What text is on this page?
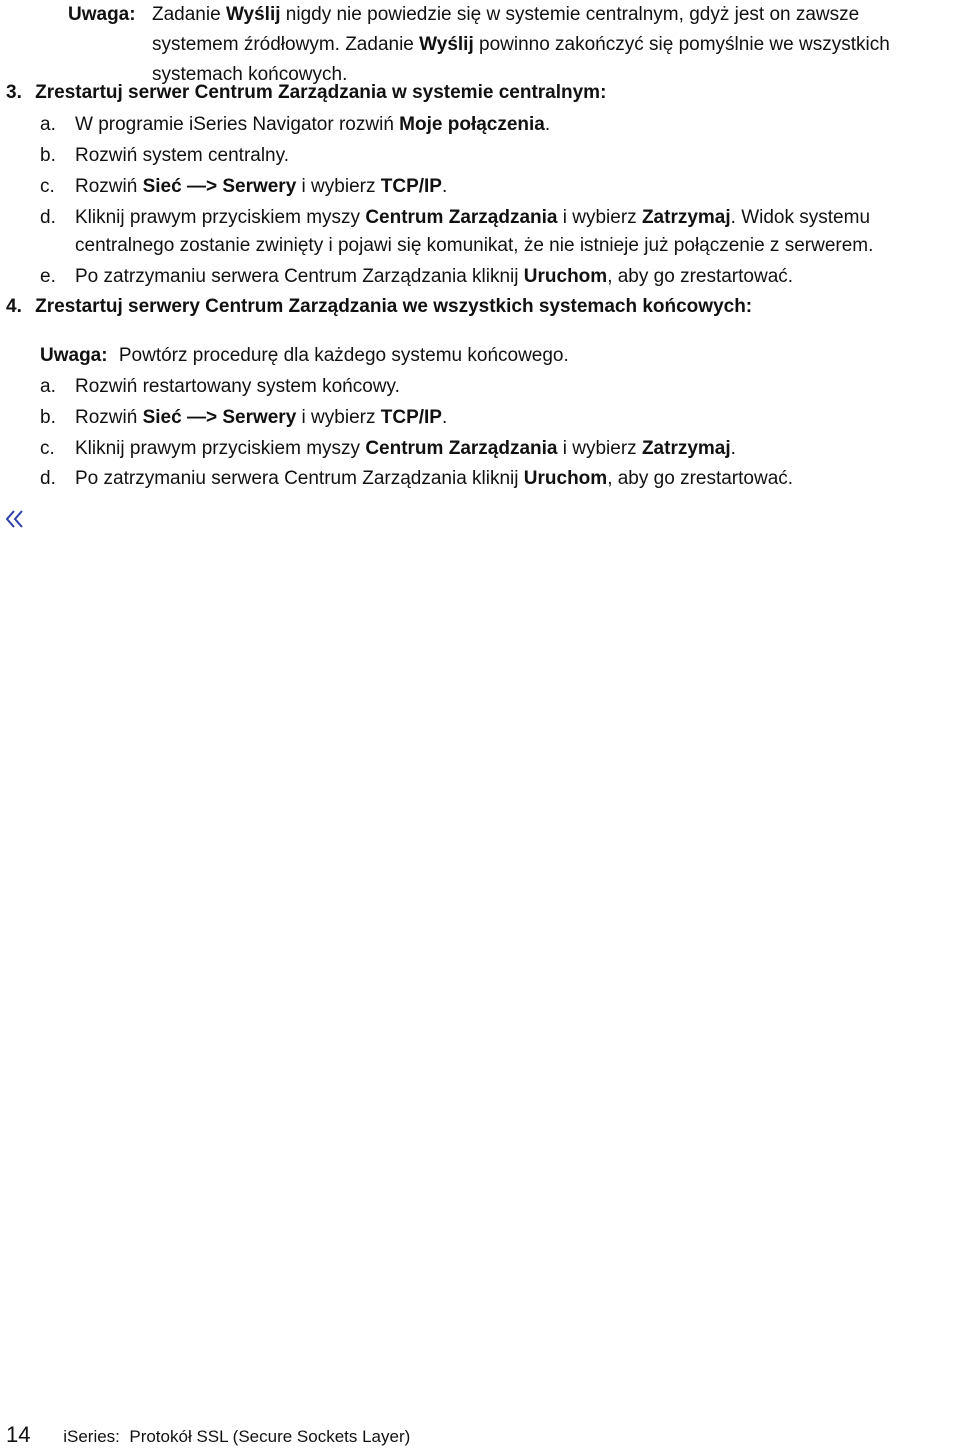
Uwaga: Zadanie Wyślij nigdy nie powiedzie się w systemie centralnym, gdyż jest on zawsze systemem źródłowym. Zadanie Wyślij powinno zakończyć się pomyślnie we wszystkich systemach końcowych.
3. Zrestartuj serwer Centrum Zarządzania w systemie centralnym:
a. W programie iSeries Navigator rozwiń Moje połączenia.
b. Rozwiń system centralny.
c. Rozwiń Sieć —> Serwery i wybierz TCP/IP.
d. Kliknij prawym przyciskiem myszy Centrum Zarządzania i wybierz Zatrzymaj. Widok systemu
centralnego zostanie zwinięty i pojawi się komunikat, że nie istnieje już połączenie z serwerem.
e. Po zatrzymaniu serwera Centrum Zarządzania kliknij Uruchom, aby go zrestartować.
4. Zrestartuj serwery Centrum Zarządzania we wszystkich systemach końcowych:
Uwaga: Powtórz procedurę dla każdego systemu końcowego.
a. Rozwiń restartowany system końcowy.
b. Rozwiń Sieć —> Serwery i wybierz TCP/IP.
c. Kliknij prawym przyciskiem myszy Centrum Zarządzania i wybierz Zatrzymaj.
d. Po zatrzymaniu serwera Centrum Zarządzania kliknij Uruchom, aby go zrestartować.
14 iSeries:  Protokół SSL (Secure Sockets Layer)
